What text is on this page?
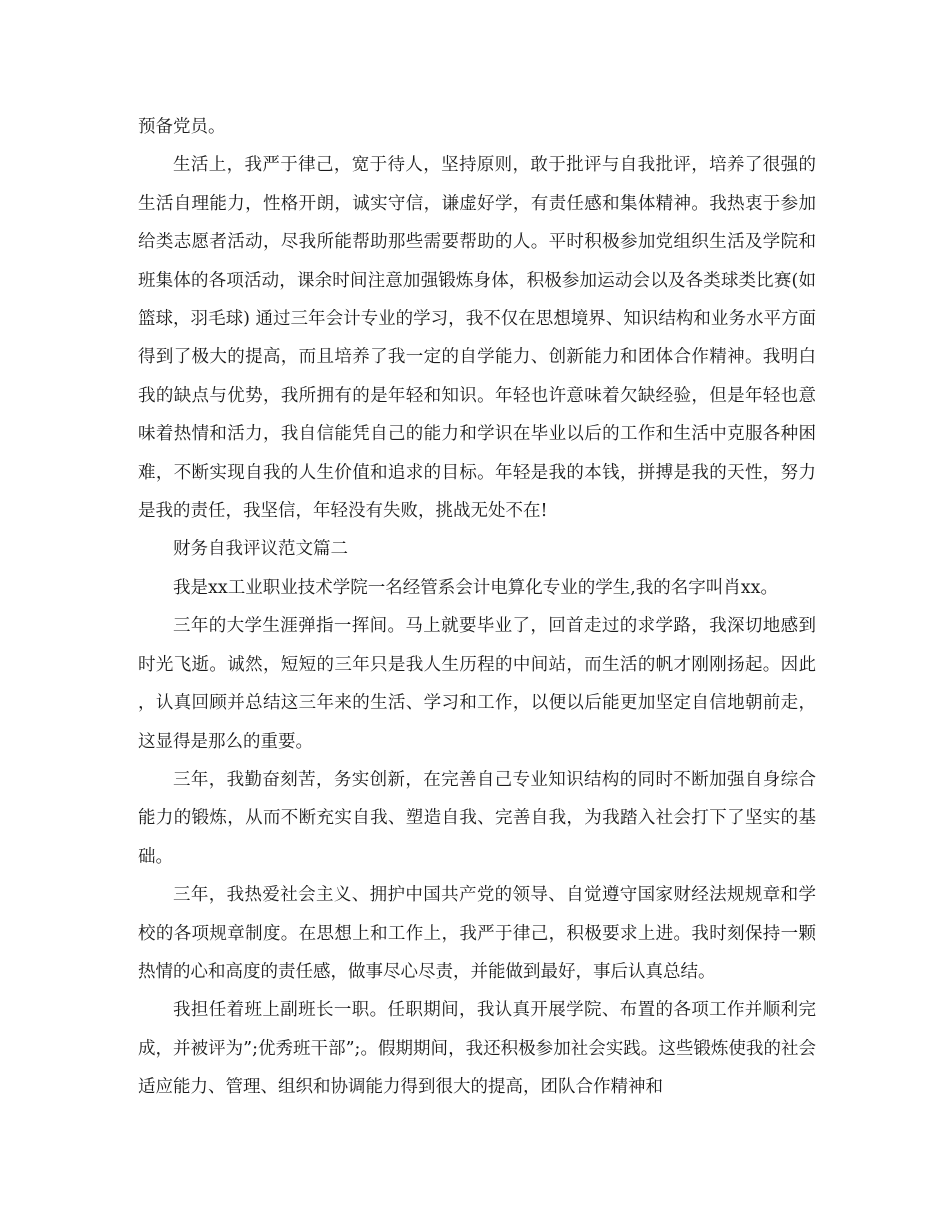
预备党员。

生活上，我严于律己，宽于待人，坚持原则，敢于批评与自我批评，培养了很强的生活自理能力，性格开朗，诚实守信，谦虚好学，有责任感和集体精神。我热衷于参加给类志愿者活动，尽我所能帮助那些需要帮助的人。平时积极参加党组织生活及学院和班集体的各项活动，课余时间注意加强锻炼身体，积极参加运动会以及各类球类比赛(如篮球，羽毛球) 通过三年会计专业的学习，我不仅在思想境界、知识结构和业务水平方面得到了极大的提高，而且培养了我一定的自学能力、创新能力和团体合作精神。我明白我的缺点与优势，我所拥有的是年轻和知识。年轻也许意味着欠缺经验，但是年轻也意味着热情和活力，我自信能凭自己的能力和学识在毕业以后的工作和生活中克服各种困难，不断实现自我的人生价值和追求的目标。年轻是我的本钱，拼搏是我的天性，努力是我的责任，我坚信，年轻没有失败，挑战无处不在!

财务自我评议范文篇二

我是xx工业职业技术学院一名经管系会计电算化专业的学生,我的名字叫肖xx。

三年的大学生涯弹指一挥间。马上就要毕业了，回首走过的求学路，我深切地感到时光飞逝。诚然，短短的三年只是我人生历程的中间站，而生活的帆才刚刚扬起。因此，认真回顾并总结这三年来的生活、学习和工作，以便以后能更加坚定自信地朝前走，这显得是那么的重要。

三年，我勤奋刻苦，务实创新，在完善自己专业知识结构的同时不断加强自身综合能力的锻炼，从而不断充实自我、塑造自我、完善自我，为我踏入社会打下了坚实的基础。

三年，我热爱社会主义、拥护中国共产党的领导、自觉遵守国家财经法规规章和学校的各项规章制度。在思想上和工作上，我严于律己，积极要求上进。我时刻保持一颗热情的心和高度的责任感，做事尽心尽责，并能做到最好，事后认真总结。

我担任着班上副班长一职。任职期间，我认真开展学院、布置的各项工作并顺利完成，并被评为”;优秀班干部”;。假期期间，我还积极参加社会实践。这些锻炼使我的社会适应能力、管理、组织和协调能力得到很大的提高，团队合作精神和
